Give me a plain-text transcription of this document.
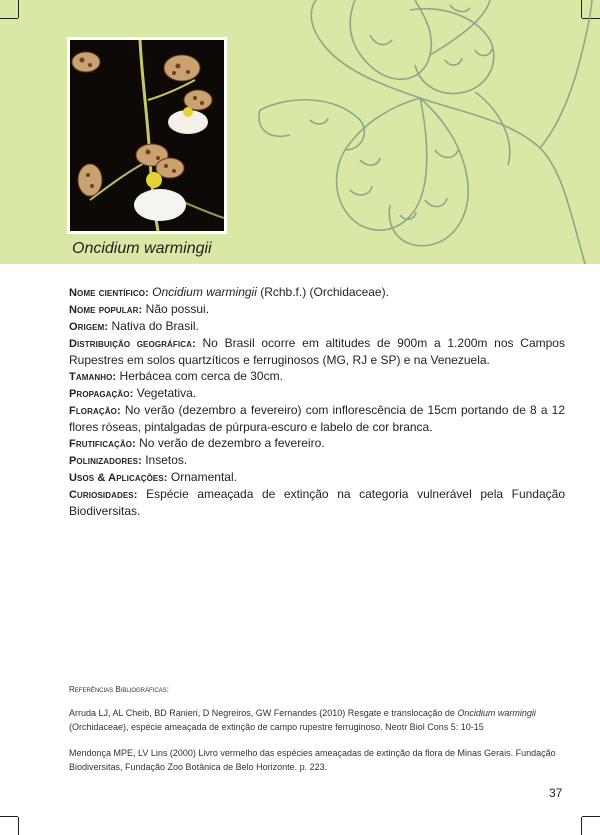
Oncidium warmingii

Nome científico: Oncidium warmingii (Rchb.f.) (Orchidaceae).

Nome popular: Não possui.

Origem: Nativa do Brasil.

Distribuição geográfica: No Brasil ocorre em altitudes de 900m a 1.200m nos Campos Rupestres em solos quartzíticos e ferruginosos (MG, RJ e SP) e na Venezuela.

Tamanho: Herbácea com cerca de 30cm.

Propagação: Vegetativa.

Floração: No verão (dezembro a fevereiro) com inflorescência de 15cm portando de 8 a 12 flores róseas, pintalgadas de púrpura-escuro e labelo de cor branca.

Frutificação: No verão de dezembro a fevereiro.

Polinizadores: Insetos.

Usos & Aplicações: Ornamental.

Curiosidades: Espécie ameaçada de extinção na categoria vulnerável pela Fundação Biodiversitas.

Referências Bibliográficas:

Arruda LJ, AL Cheib, BD Ranieri, D Negreiros, GW Fernandes (2010) Resgate e translocação de Oncidium warmingii (Orchidaceae), espécie ameaçada de extinção de campo rupestre ferruginoso. Neotr Biol Cons 5: 10-15

Mendonça MPE, LV Lins (2000) Livro vermelho das espécies ameaçadas de extinção da flora de Minas Gerais. Fundação Biodiversitas, Fundação Zoo Botânica de Belo Horizonte. p. 223.

37
